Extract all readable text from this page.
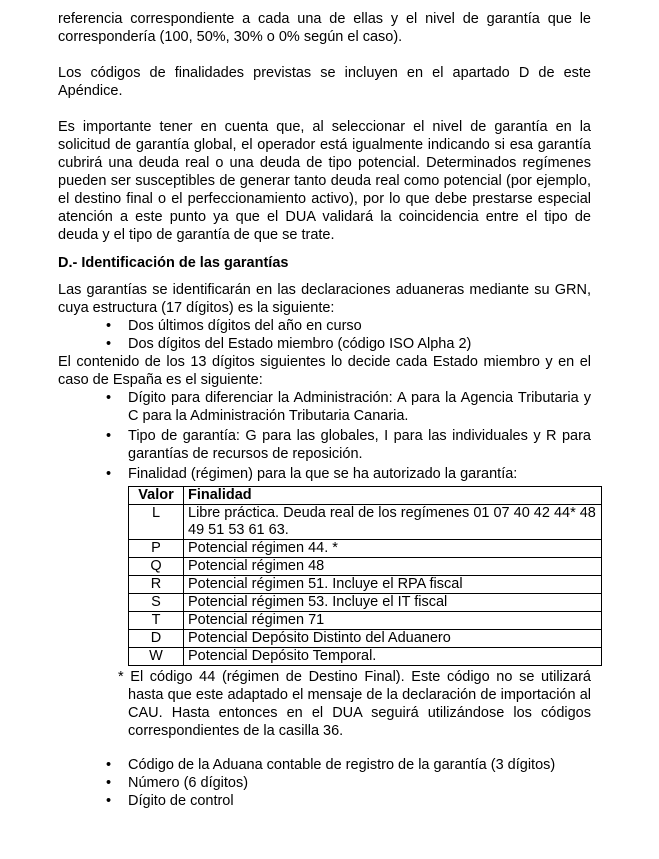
referencia correspondiente a cada una de ellas y el nivel de garantía que le correspondería (100, 50%, 30% o 0% según el caso).

Los códigos de finalidades previstas se incluyen en el apartado D de este Apéndice.

Es importante tener en cuenta que, al seleccionar el nivel de garantía en la solicitud de garantía global, el operador está igualmente indicando si esa garantía cubrirá una deuda real o una deuda de tipo potencial. Determinados regímenes pueden ser susceptibles de generar tanto deuda real como potencial (por ejemplo, el destino final o el perfeccionamiento activo), por lo que debe prestarse especial atención a este punto ya que el DUA validará la coincidencia entre el tipo de deuda y el tipo de garantía de que se trate.

D.- Identificación de las garantías

Las garantías se identificarán en las declaraciones aduaneras mediante su GRN, cuya estructura (17 dígitos) es la siguiente:

•	Dos últimos dígitos del año en curso
•	Dos dígitos del Estado miembro (código ISO Alpha 2)

El contenido de los 13 dígitos siguientes lo decide cada Estado miembro y en el caso de España es el siguiente:

•	Dígito para diferenciar la Administración: A para la Agencia Tributaria y C para la Administración Tributaria Canaria.
•	Tipo de garantía: G para las globales, I para las individuales y R para garantías de recursos de reposición.
•	Finalidad (régimen) para la que se ha autorizado la garantía:
Valor	Finalidad
L	Libre práctica. Deuda real de los regímenes 01 07 40 42 44* 48 49 51 53 61 63.
P	Potencial régimen 44. *
Q	Potencial régimen 48
R	Potencial régimen 51. Incluye el RPA fiscal
S	Potencial régimen 53. Incluye el IT fiscal
T	Potencial régimen 71
D	Potencial Depósito Distinto del Aduanero
W	Potencial Depósito Temporal.

* El código 44 (régimen de Destino Final). Este código no se utilizará hasta que este adaptado el mensaje de la declaración de importación al CAU. Hasta entonces en el DUA seguirá utilizándose los códigos correspondientes de la casilla 36.

•	Código de la Aduana contable de registro de la garantía (3 dígitos)
•	Número (6 dígitos)
•	Dígito de control
